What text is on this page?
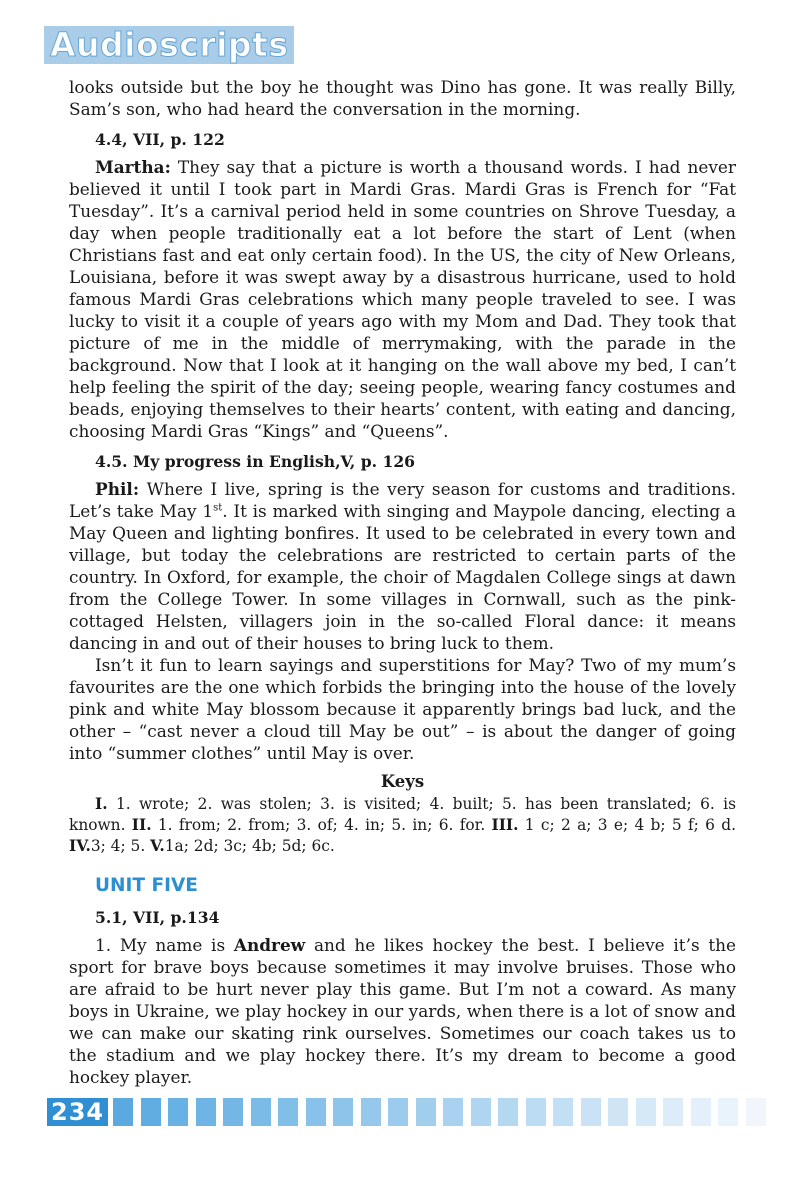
Audioscripts

looks outside but the boy he thought was Dino has gone. It was really Billy, Sam’s son, who had heard the conversation in the morning.

4.4, VII, p. 122

Martha: They say that a picture is worth a thousand words. I had never believed it until I took part in Mardi Gras. Mardi Gras is French for “Fat Tuesday”. It’s a carnival period held in some countries on Shrove Tuesday, a day when people traditionally eat a lot before the start of Lent (when Christians fast and eat only certain food). In the US, the city of New Orleans, Louisiana, before it was swept away by a disastrous hurricane, used to hold famous Mardi Gras celebrations which many people traveled to see. I was lucky to visit it a couple of years ago with my Mom and Dad. They took that picture of me in the middle of merrymaking, with the parade in the background. Now that I look at it hanging on the wall above my bed, I can’t help feeling the spirit of the day; seeing people, wearing fancy costumes and beads, enjoying themselves to their hearts’ content, with eating and dancing, choosing Mardi Gras “Kings” and “Queens”.

4.5. My progress in English,V, p. 126

Phil: Where I live, spring is the very season for customs and traditions. Let’s take May 1st. It is marked with singing and Maypole dancing, electing a May Queen and lighting bonfires. It used to be celebrated in every town and village, but today the celebrations are restricted to certain parts of the country. In Oxford, for example, the choir of Magdalen College sings at dawn from the College Tower. In some villages in Cornwall, such as the pink-cottaged Helsten, villagers join in the so-called Floral dance: it means dancing in and out of their houses to bring luck to them.

Isn’t it fun to learn sayings and superstitions for May? Two of my mum’s favourites are the one which forbids the bringing into the house of the lovely pink and white May blossom because it apparently brings bad luck, and the other – “cast never a cloud till May be out” – is about the danger of going into “summer clothes” until May is over.

Keys

I. 1. wrote; 2. was stolen; 3. is visited; 4. built; 5. has been translated; 6. is known. II. 1. from; 2. from; 3. of; 4. in; 5. in; 6. for. III. 1 c; 2 a; 3 e; 4 b; 5 f; 6 d. IV.3; 4; 5. V.1a; 2d; 3c; 4b; 5d; 6c.

UNIT FIVE
5.1, VII, p.134

1. My name is Andrew and he likes hockey the best. I believe it’s the sport for brave boys because sometimes it may involve bruises. Those who are afraid to be hurt never play this game. But I’m not a coward. As many boys in Ukraine, we play hockey in our yards, when there is a lot of snow and we can make our skating rink ourselves. Sometimes our coach takes us to the stadium and we play hockey there. It’s my dream to become a good hockey player.

234
